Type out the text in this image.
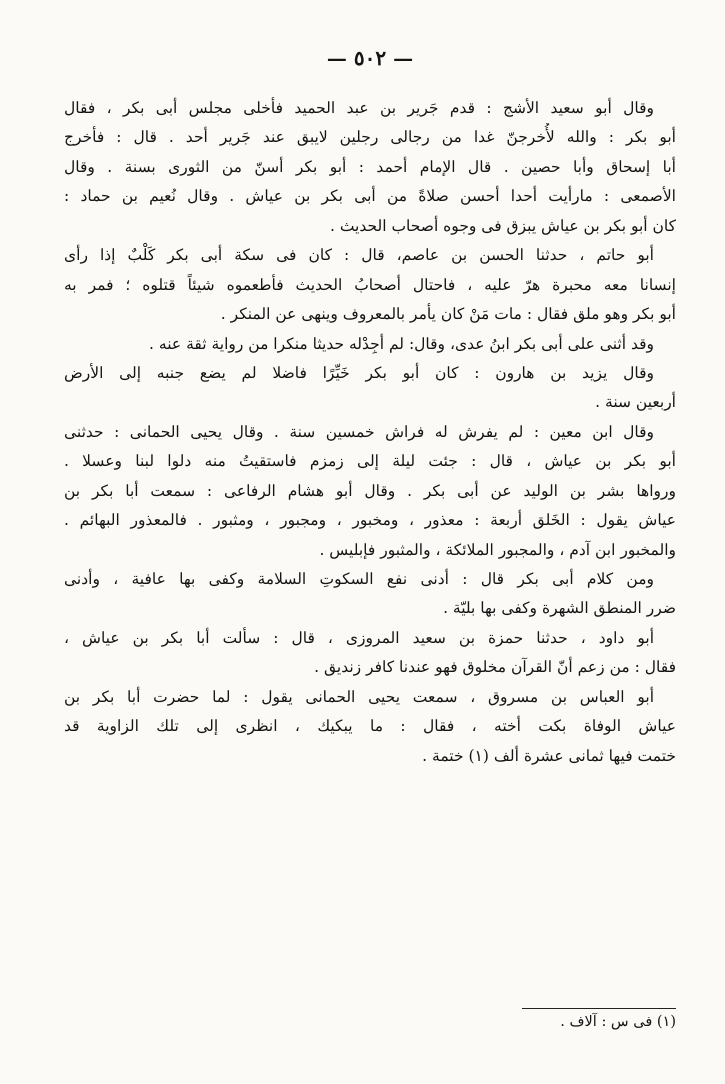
— ٥٠٢ —
وقال أبو سعيد الأشج : قدم جَرير بن عبد الحميد فأخلى مجلس أبى بكر ، فقال
أبو بكر : والله لأُخرجنّ غدا من رجالى رجلين لايبق عند جَرير أحد . قال : فأخرج
أبا إسحاق وأبا حصين . قال الإمام أحمد : أبو بكر أسنّ من الثورى بسنة . وقال
الأصمعى : مارأيت أحدا أحسن صلاةً من أبى بكر بن عياش . وقال نُعيم بن حماد :
كان أبو بكر بن عياش يبزق فى وجوه أصحاب الحديث .
أبو حاتم ، حدثنا الحسن بن عاصم، قال : كان فى سكة أبى بكر كَلْبٌ إذا رأى
إنسانا معه محبرة هرّ عليه ، فاحتال أصحابُ الحديث فأطعموه شيئاً قتلوه ؛ فمر به
أبو بكر وهو ملق فقال : مات مَنْ كان يأمر بالمعروف وينهى عن المنكر .
وقد أثنى على أبى بكر ابنُ عدى، وقال: لم أجِدْله حديثا منكرا من رواية ثقة عنه .
وقال يزيد بن هارون : كان أبو بكر خَيِّرًا فاضلا لم يضع جنبه إلى الأرض
أربعين سنة .
وقال ابن معين : لم يفرش له فراش خمسين سنة . وقال يحيى الحمانى : حدثنى
أبو بكر بن عياش ، قال : جئت ليلة إلى زمزم فاستقيتُ منه دلوا لبنا وعسلا .
ورواها بشر بن الوليد عن أبى بكر . وقال أبو هشام الرفاعى : سمعت أبا بكر بن
عياش يقول : الخَلق أربعة : معذور ، ومخبور ، ومجبور ، ومثبور . فالمعذور البهائم .
والمخبور ابن آدم ، والمجبور الملائكة ، والمثبور فإبليس .
ومن كلام أبى بكر قال : أدنى نفع السكوتِ السلامة وكفى بها عافية ، وأدنى
ضرر المنطق الشهرة وكفى بها بليّة .
أبو داود ، حدثنا حمزة بن سعيد المروزى ، قال : سألت أبا بكر بن عياش ،
فقال : من زعم أنّ القرآن مخلوق فهو عندنا كافر زنديق .
أبو العباس بن مسروق ، سمعت يحيى الحمانى يقول : لما حضرت أبا بكر بن
عياش الوفاة بكت أخته ، فقال : ما يبكيك ، انظرى إلى تلك الزاوية قد
ختمت فيها ثمانى عشرة ألف (١) ختمة .
(١) فى س : آلاف .
